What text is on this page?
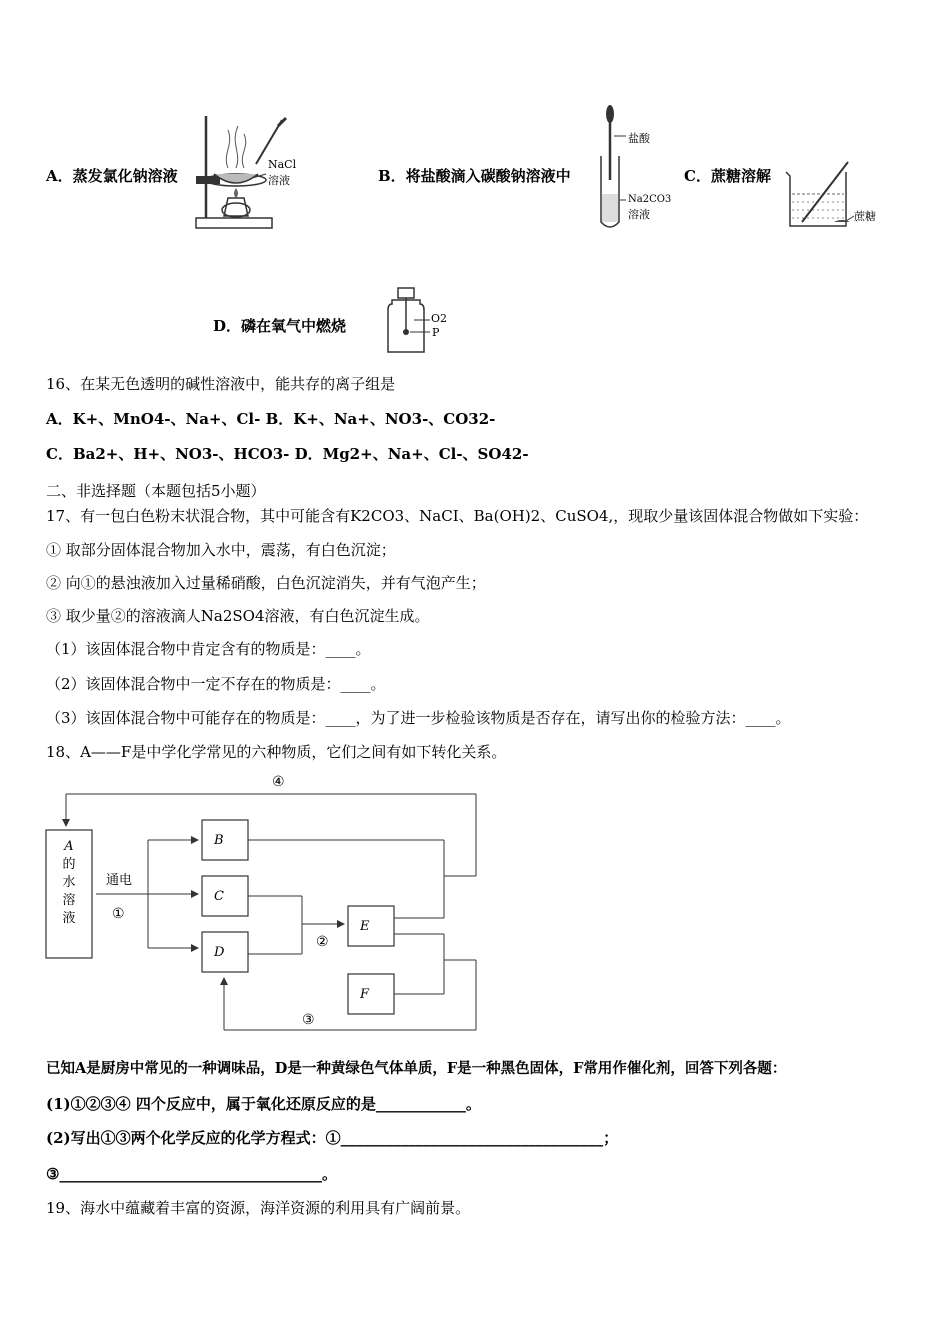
A．蒸发氯化钠溶液
NaCl
溶液	B．将盐酸滴入碳酸钠溶液中
盐酸
Na2CO3
溶液
C．蔗糖溶解
蔗糖
D．磷在氧气中燃烧	O2
P
16、在某无色透明的碱性溶液中，能共存的离子组是
A．K+、MnO4-、Na+、Cl- B．K+、Na+、NO3-、CO32-
C．Ba2+、H+、NO3-、HCO3- D．Mg2+、Na+、Cl-、SO42-
二、非选择题（本题包括5小题）
17、有一包白色粉末状混合物，其中可能含有K2CO3、NaCI、Ba(OH)2、CuSO4,，现取少量该固体混合物做如下实验：
① 取部分固体混合物加入水中，震荡，有白色沉淀；
② 向①的悬浊液加入过量稀硝酸，白色沉淀消失，并有气泡产生；
③ 取少量②的溶液滴人Na2SO4溶液，有白色沉淀生成。
（1）该固体混合物中肯定含有的物质是：____。
（2）该固体混合物中一定不存在的物质是：____。
（3）该固体混合物中可能存在的物质是：____，为了进一步检验该物质是否存在，请写出你的检验方法：____。
18、A——F是中学化学常见的六种物质，它们之间有如下转化关系。
A
的
水
溶
液
通电
①
B
C
D
②
E
F
④
③
已知A是厨房中常见的一种调味品，D是一种黄绿色气体单质，F是一种黑色固体，F常用作催化剂，回答下列各题：
(1)①②③④ 四个反应中，属于氧化还原反应的是____________。
(2)写出①③两个化学反应的化学方程式：①___________________________________；
③___________________________________。
19、海水中蕴藏着丰富的资源，海洋资源的利用具有广阔前景。
